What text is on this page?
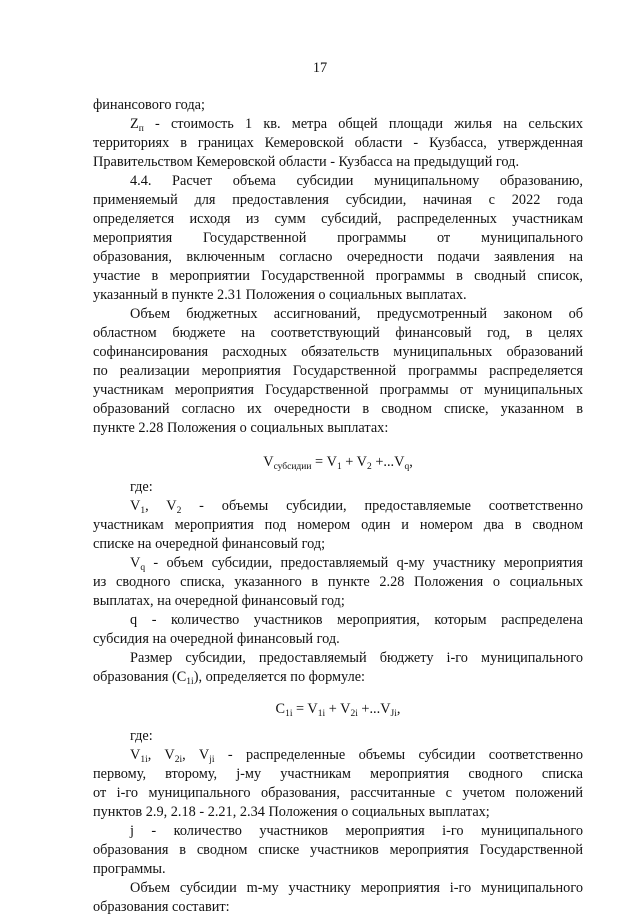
17
финансового года;
$Z_п$ - стоимость 1 кв. метра общей площади жилья на сельских
территориях в границах Кемеровской области - Кузбасса, утвержденная
Правительством Кемеровской области - Кузбасса на предыдущий год.
4.4. Расчет объема субсидии муниципальному образованию,
применяемый для предоставления субсидии, начиная с 2022 года
определяется исходя из сумм субсидий, распределенных участникам
мероприятия Государственной программы от муниципального
образования, включенным согласно очередности подачи заявления на
участие в мероприятии Государственной программы в сводный список,
указанный в пункте 2.31 Положения о социальных выплатах.
Объем бюджетных ассигнований, предусмотренный законом об
областном бюджете на соответствующий финансовый год, в целях
софинансирования расходных обязательств муниципальных образований
по реализации мероприятия Государственной программы распределяется
участникам мероприятия Государственной программы от муниципальных
образований согласно их очередности в сводном списке, указанном в
пункте 2.28 Положения о социальных выплатах:
$V_{субсидии} = V_1 + V_2 +...V_q$,
где:
$V_1$, $V_2$ - объемы субсидии, предоставляемые соответственно
участникам мероприятия под номером один и номером два в сводном
списке на очередной финансовый год;
$V_q$ - объем субсидии, предоставляемый q-му участнику мероприятия
из сводного списка, указанного в пункте 2.28 Положения о социальных
выплатах, на очередной финансовый год;
q - количество участников мероприятия, которым распределена
субсидия на очередной финансовый год.
Размер субсидии, предоставляемый бюджету i-го муниципального
образования $(C_{1i})$, определяется по формуле:
$C_{1i} = V_{1i} + V_{2i} +...V_{Ji}$,
где:
$V_{1i}$, $V_{2i}$, $V_{ji}$ - распределенные объемы субсидии соответственно
первому, второму, j-му участникам мероприятия сводного списка
от i-го муниципального образования, рассчитанные с учетом положений
пунктов 2.9, 2.18 - 2.21, 2.34 Положения о социальных выплатах;
j - количество участников мероприятия i-го муниципального
образования в сводном списке участников мероприятия Государственной
программы.
Объем субсидии m-му участнику мероприятия i-го муниципального
образования составит:
